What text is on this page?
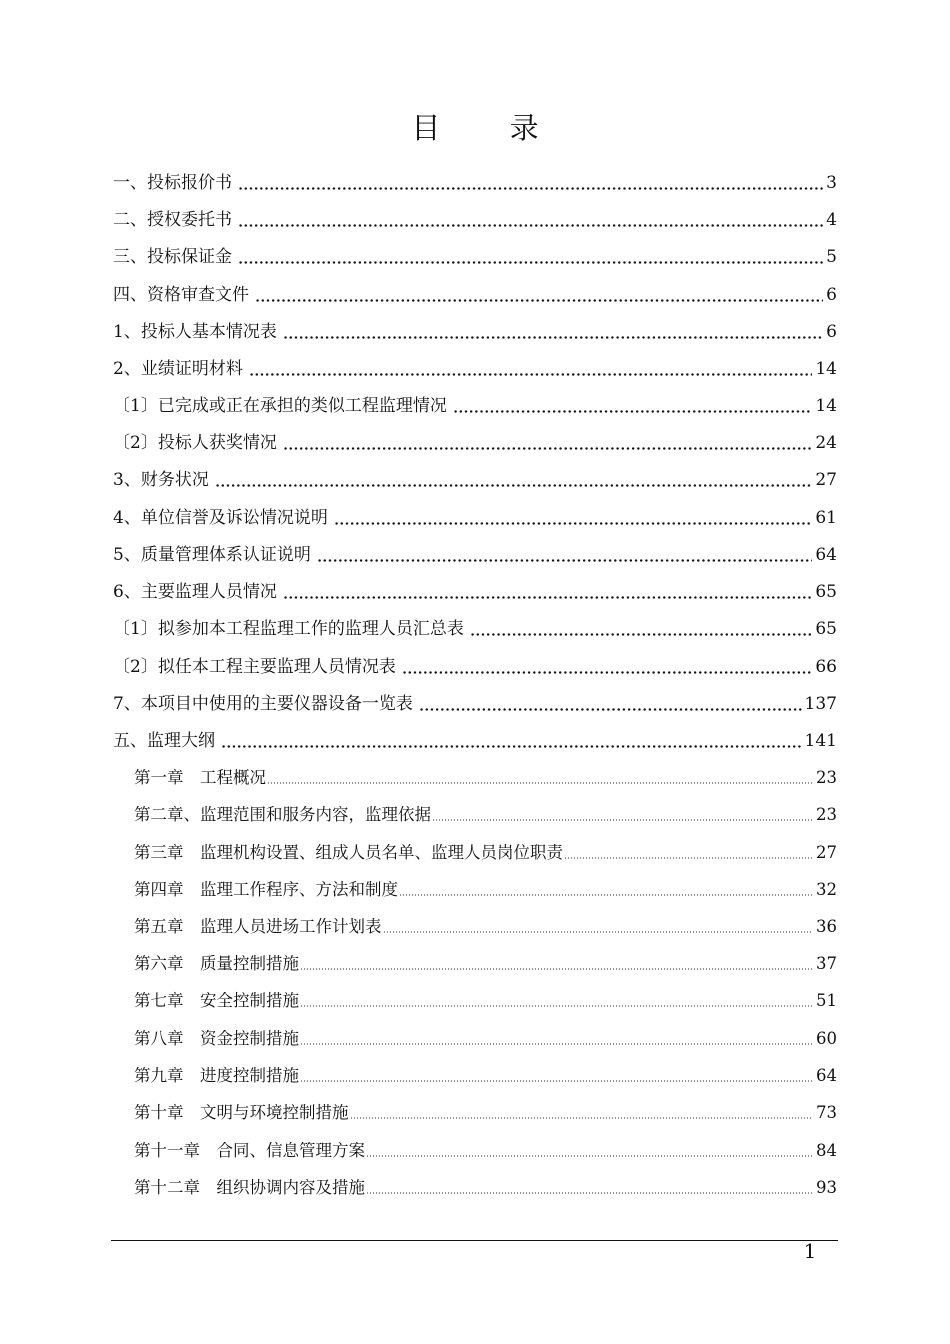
目 录
一、投标报价书	3
二、授权委托书	4
三、投标保证金	5
四、资格审查文件	6
1、投标人基本情况表	6
2、业绩证明材料	14
〔1〕已完成或正在承担的类似工程监理情况	14
〔2〕投标人获奖情况	24
3、财务状况	27
4、单位信誉及诉讼情况说明	61
5、质量管理体系认证说明	64
6、主要监理人员情况	65
〔1〕拟参加本工程监理工作的监理人员汇总表	65
〔2〕拟任本工程主要监理人员情况表	66
7、本项目中使用的主要仪器设备一览表	137
五、监理大纲	141
第一章　工程概况	23
第二章、监理范围和服务内容，监理依据	23
第三章　监理机构设置、组成人员名单、监理人员岗位职责	27
第四章　监理工作程序、方法和制度	32
第五章　监理人员进场工作计划表	36
第六章　质量控制措施	37
第七章　安全控制措施	51
第八章　资金控制措施	60
第九章　进度控制措施	64
第十章　文明与环境控制措施	73
第十一章　合同、信息管理方案	84
第十二章　组织协调内容及措施	93
1
